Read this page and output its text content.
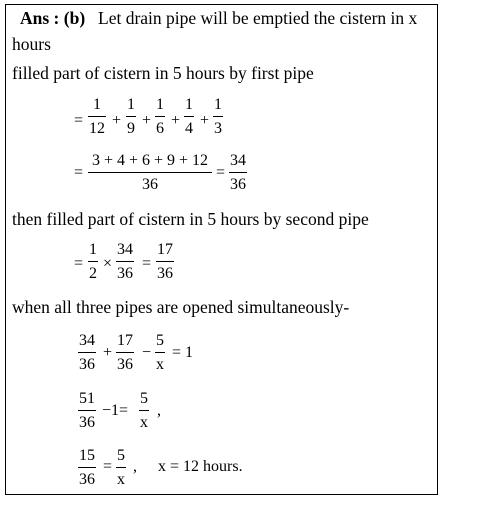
Ans : (b) Let drain pipe will be emptied the cistern in x
hours
filled part of cistern in 5 hours by first pipe
=
1
12 +
1
9 +
1
6 +
1
4 +
1
3
=
3 + 4 + 6 + 9 + 12
36
=
34
36
then filled part of cistern in 5 hours by second pipe
=
1
2
×
34
36
=
17
36
when all three pipes are opened simultaneously-
34
36
+
17
36
−
5
x
= 1
51
36
−1=
5
x
,
15
36
=
5
x
, x = 12 hours.
